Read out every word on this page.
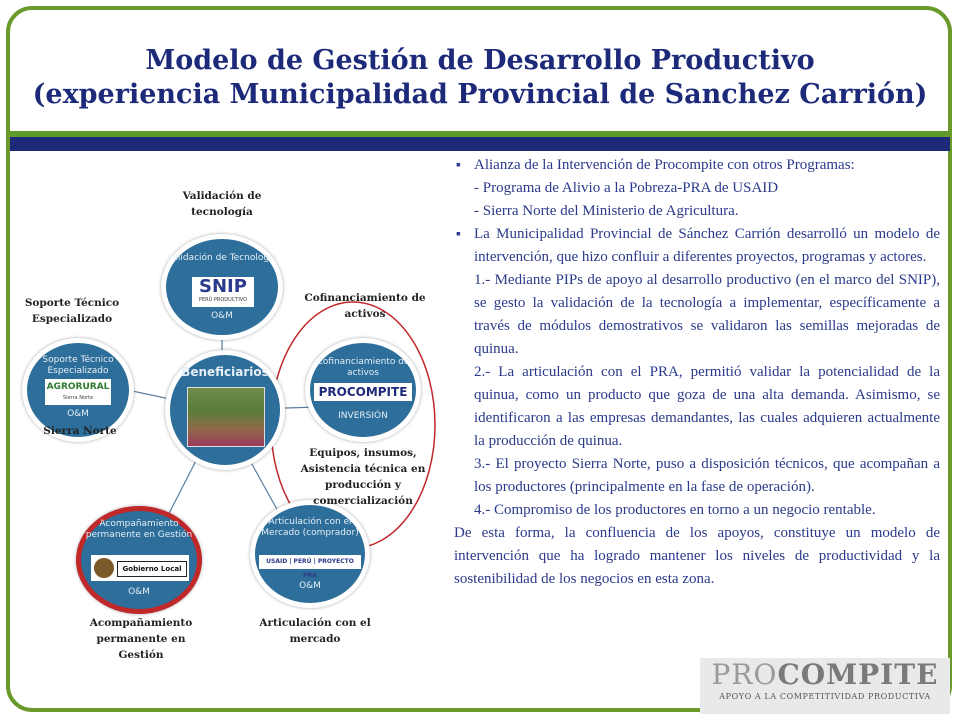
Modelo de Gestión de Desarrollo Productivo
(experiencia Municipalidad Provincial de Sanchez Carrión)
Beneficiarios
Validación de Tecnología
SNIP
PERÚ PRODUCTIVO
O&M
Cofinanciamiento de activos
PROCOMPITE
INVERSIÓN
Articulación con el Mercado (comprador)
USAID | PERÚ | PROYECTO PRA
O&M
Acompañamiento permanente en Gestión
Gobierno Local
O&M
Soporte Técnico Especializado
AGRORURAL
Sierra Norte
O&M
Validación de tecnología
Cofinanciamiento de activos
Equipos, insumos, Asistencia técnica en producción y comercialización
Articulación con el mercado
Acompañamiento permanente en Gestión
Soporte Técnico Especializado
Sierra Norte

▪ Alianza de la Intervención de Procompite con otros Programas:
- Programa de Alivio a la Pobreza-PRA de USAID
- Sierra Norte del Ministerio de Agricultura.

▪ La Municipalidad Provincial de Sánchez Carrión desarrolló un modelo de intervención, que hizo confluir a diferentes proyectos, programas y actores.

1.- Mediante PIPs de apoyo al desarrollo productivo (en el marco del SNIP), se gesto la validación de la tecnología a implementar, específicamente a través de módulos demostrativos se validaron las semillas mejoradas de quinua.

2.- La articulación con el PRA, permitió validar la potencialidad de la quinua, como un producto que goza de una alta demanda. Asimismo, se identificaron a las empresas demandantes, las cuales adquieren actualmente la producción de quinua.

3.- El proyecto Sierra Norte, puso a disposición técnicos, que acompañan a los productores (principalmente en la fase de operación).

4.- Compromiso de los productores en torno a un negocio rentable.

De esta forma, la confluencia de los apoyos, constituye un modelo de intervención que ha logrado mantener los niveles de productividad y la sostenibilidad de los negocios en esta zona.

PROCOMPITE
APOYO A LA COMPETITIVIDAD PRODUCTIVA
